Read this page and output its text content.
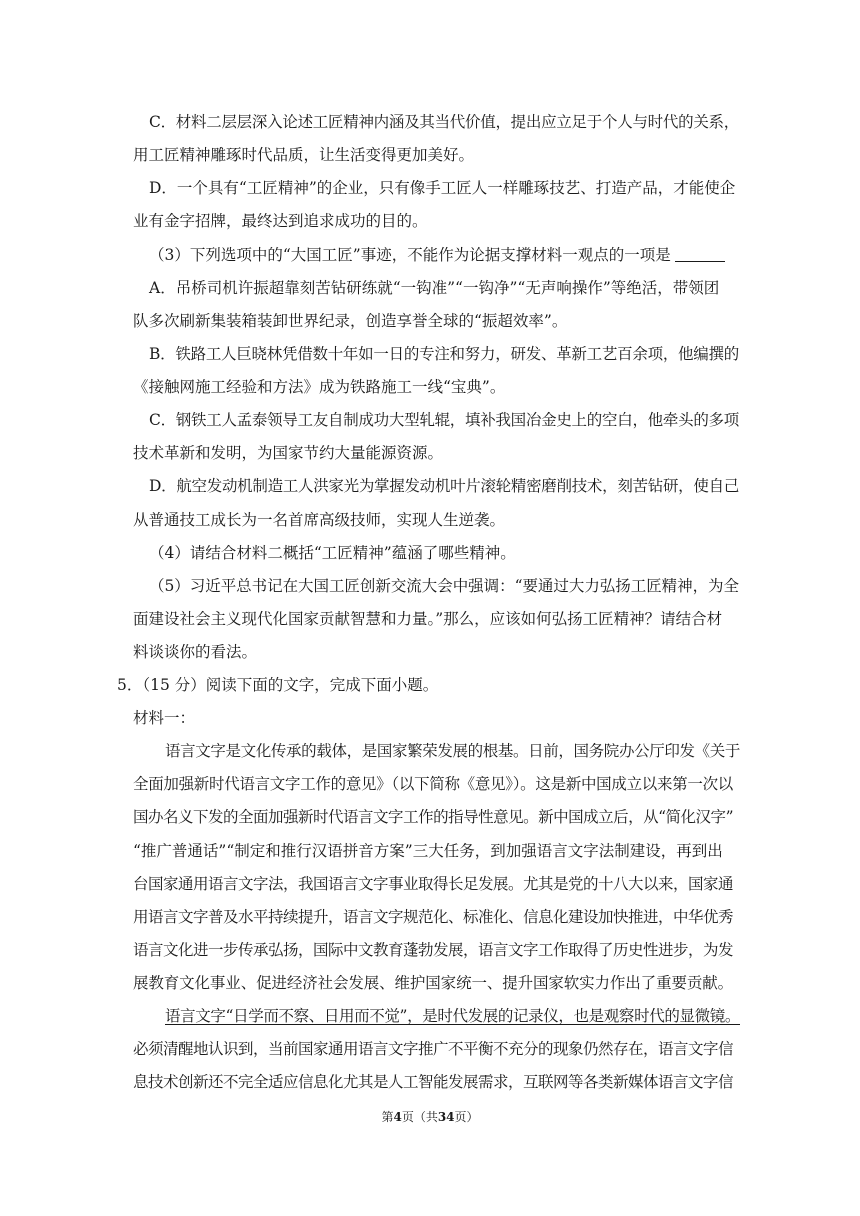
C．材料二层层深入论述工匠精神内涵及其当代价值，提出应立足于个人与时代的关系，
用工匠精神雕琢时代品质，让生活变得更加美好。
D．一个具有“工匠精神”的企业，只有像手工匠人一样雕琢技艺、打造产品，才能使企
业有金字招牌，最终达到追求成功的目的。
（3）下列选项中的“大国工匠”事迹，不能作为论据支撑材料一观点的一项是
A．吊桥司机许振超靠刻苦钻研练就“一钩准”“一钩净”“无声响操作”等绝活，带领团
队多次刷新集装箱装卸世界纪录，创造享誉全球的“振超效率”。
B．铁路工人巨晓林凭借数十年如一日的专注和努力，研发、革新工艺百余项，他编撰的
《接触网施工经验和方法》成为铁路施工一线“宝典”。
C．钢铁工人孟泰领导工友自制成功大型轧辊，填补我国冶金史上的空白，他牵头的多项
技术革新和发明，为国家节约大量能源资源。
D．航空发动机制造工人洪家光为掌握发动机叶片滚轮精密磨削技术，刻苦钻研，使自己
从普通技工成长为一名首席高级技师，实现人生逆袭。
（4）请结合材料二概括“工匠精神”蕴涵了哪些精神。
（5）习近平总书记在大国工匠创新交流大会中强调：“要通过大力弘扬工匠精神，为全
面建设社会主义现代化国家贡献智慧和力量。”那么，应该如何弘扬工匠精神？请结合材
料谈谈你的看法。
5．（15 分）阅读下面的文字，完成下面小题。
材料一：
语言文字是文化传承的载体，是国家繁荣发展的根基。日前，国务院办公厅印发《关于
全面加强新时代语言文字工作的意见》（以下简称《意见》）。这是新中国成立以来第一次以
国办名义下发的全面加强新时代语言文字工作的指导性意见。新中国成立后，从“简化汉字”
“推广普通话”“制定和推行汉语拼音方案”三大任务，到加强语言文字法制建设，再到出
台国家通用语言文字法，我国语言文字事业取得长足发展。尤其是党的十八大以来，国家通
用语言文字普及水平持续提升，语言文字规范化、标准化、信息化建设加快推进，中华优秀
语言文化进一步传承弘扬，国际中文教育蓬勃发展，语言文字工作取得了历史性进步，为发
展教育文化事业、促进经济社会发展、维护国家统一、提升国家软实力作出了重要贡献。
语言文字“日学而不察、日用而不觉”，是时代发展的记录仪，也是观察时代的显微镜。
必须清醒地认识到，当前国家通用语言文字推广不平衡不充分的现象仍然存在，语言文字信
息技术创新还不完全适应信息化尤其是人工智能发展需求，互联网等各类新媒体语言文字信
第4页（共34页）
